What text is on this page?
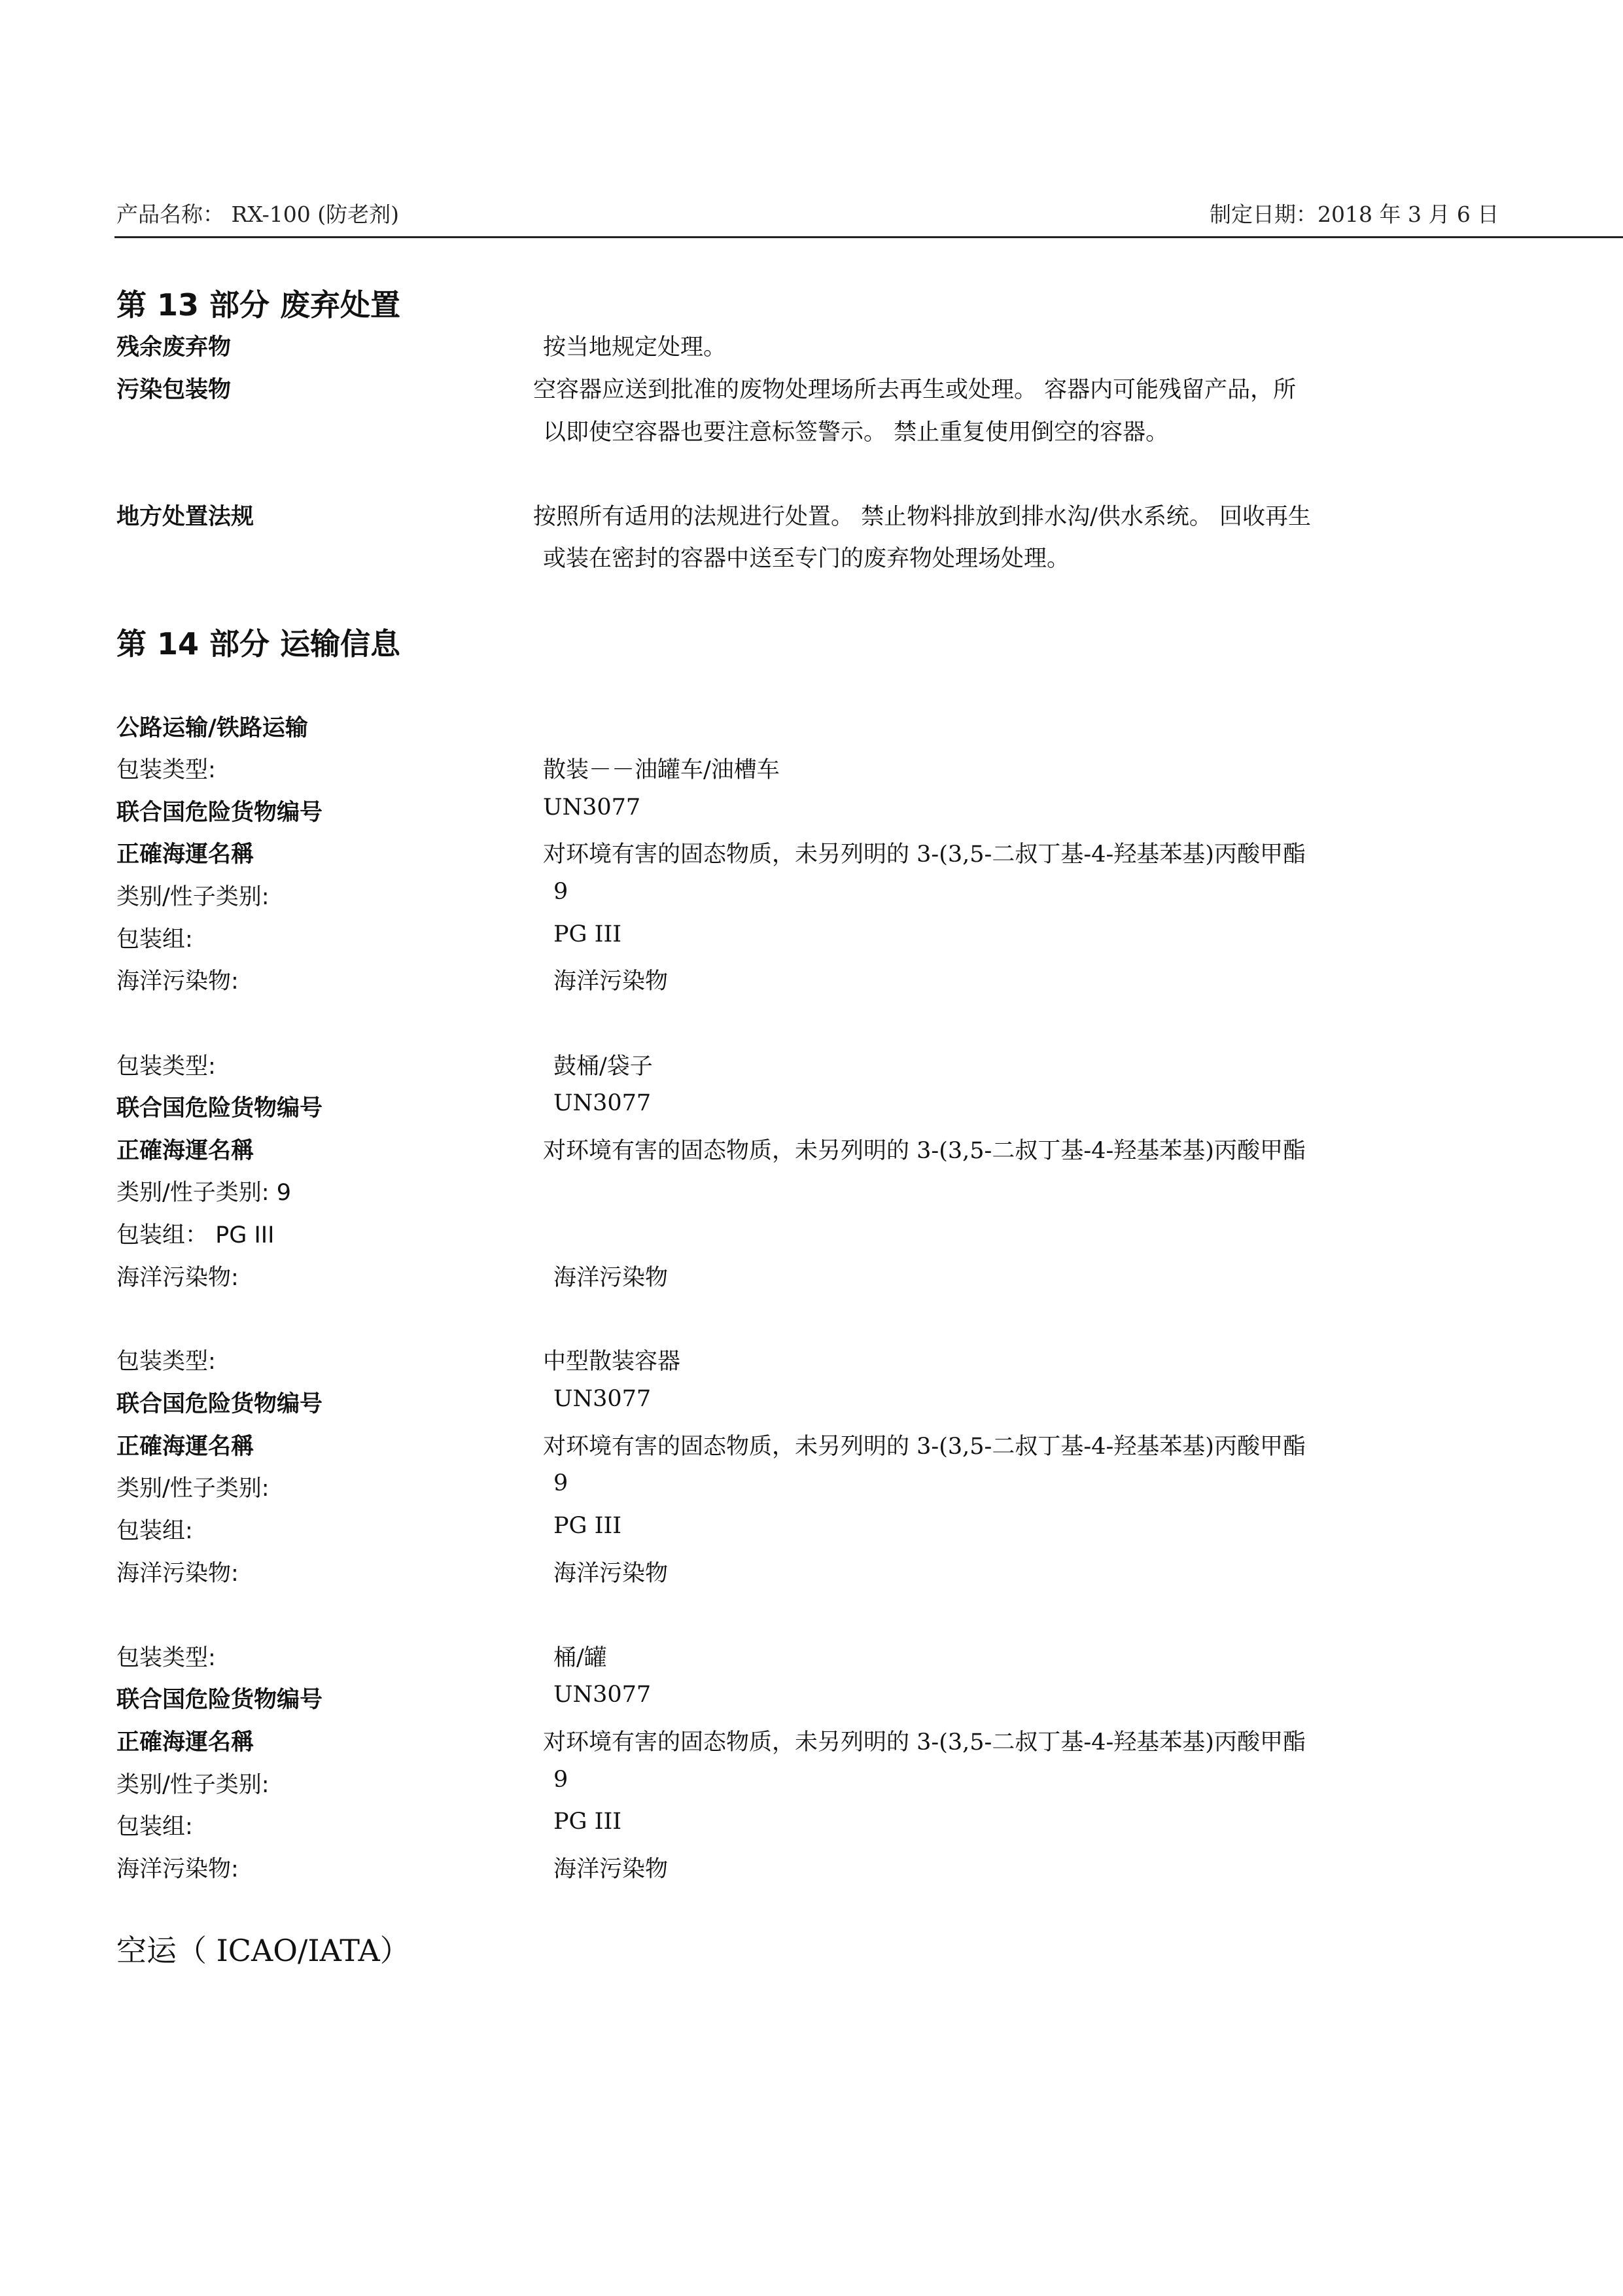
产品名称： RX-100 (防老剂)	制定日期：2018 年 3 月 6 日
第 13 部分 废弃处置
残余废弃物	按当地规定处理。
污染包装物	空容器应送到批准的废物处理场所去再生或处理。 容器内可能残留产品，所
以即使空容器也要注意标签警示。 禁止重复使用倒空的容器。
地方处置法规	按照所有适用的法规进行处置。 禁止物料排放到排水沟/供水系统。 回收再生
或装在密封的容器中送至专门的废弃物处理场处理。
第 14 部分 运输信息
公路运输/铁路运输
包装类型:	散装－－油罐车/油槽车
联合国危险货物编号	UN3077
正確海運名稱	对环境有害的固态物质，未另列明的 3-(3,5-二叔丁基-4-羟基苯基)丙酸甲酯
类别/性子类别:	9
包装组:	PG III
海洋污染物:	海洋污染物
包装类型:	鼓桶/袋子
联合国危险货物编号	UN3077
正確海運名稱	对环境有害的固态物质，未另列明的 3-(3,5-二叔丁基-4-羟基苯基)丙酸甲酯
类别/性子类别: 9
包装组： PG III
海洋污染物:	海洋污染物
包装类型:	中型散装容器
联合国危险货物编号	UN3077
正確海運名稱	对环境有害的固态物质，未另列明的 3-(3,5-二叔丁基-4-羟基苯基)丙酸甲酯
类别/性子类别:	9
包装组:	PG III
海洋污染物:	海洋污染物
包装类型:	桶/罐
联合国危险货物编号	UN3077
正確海運名稱	对环境有害的固态物质，未另列明的 3-(3,5-二叔丁基-4-羟基苯基)丙酸甲酯
类别/性子类别:	9
包装组:	PG III
海洋污染物:	海洋污染物
空运（ ICAO/IATA）
